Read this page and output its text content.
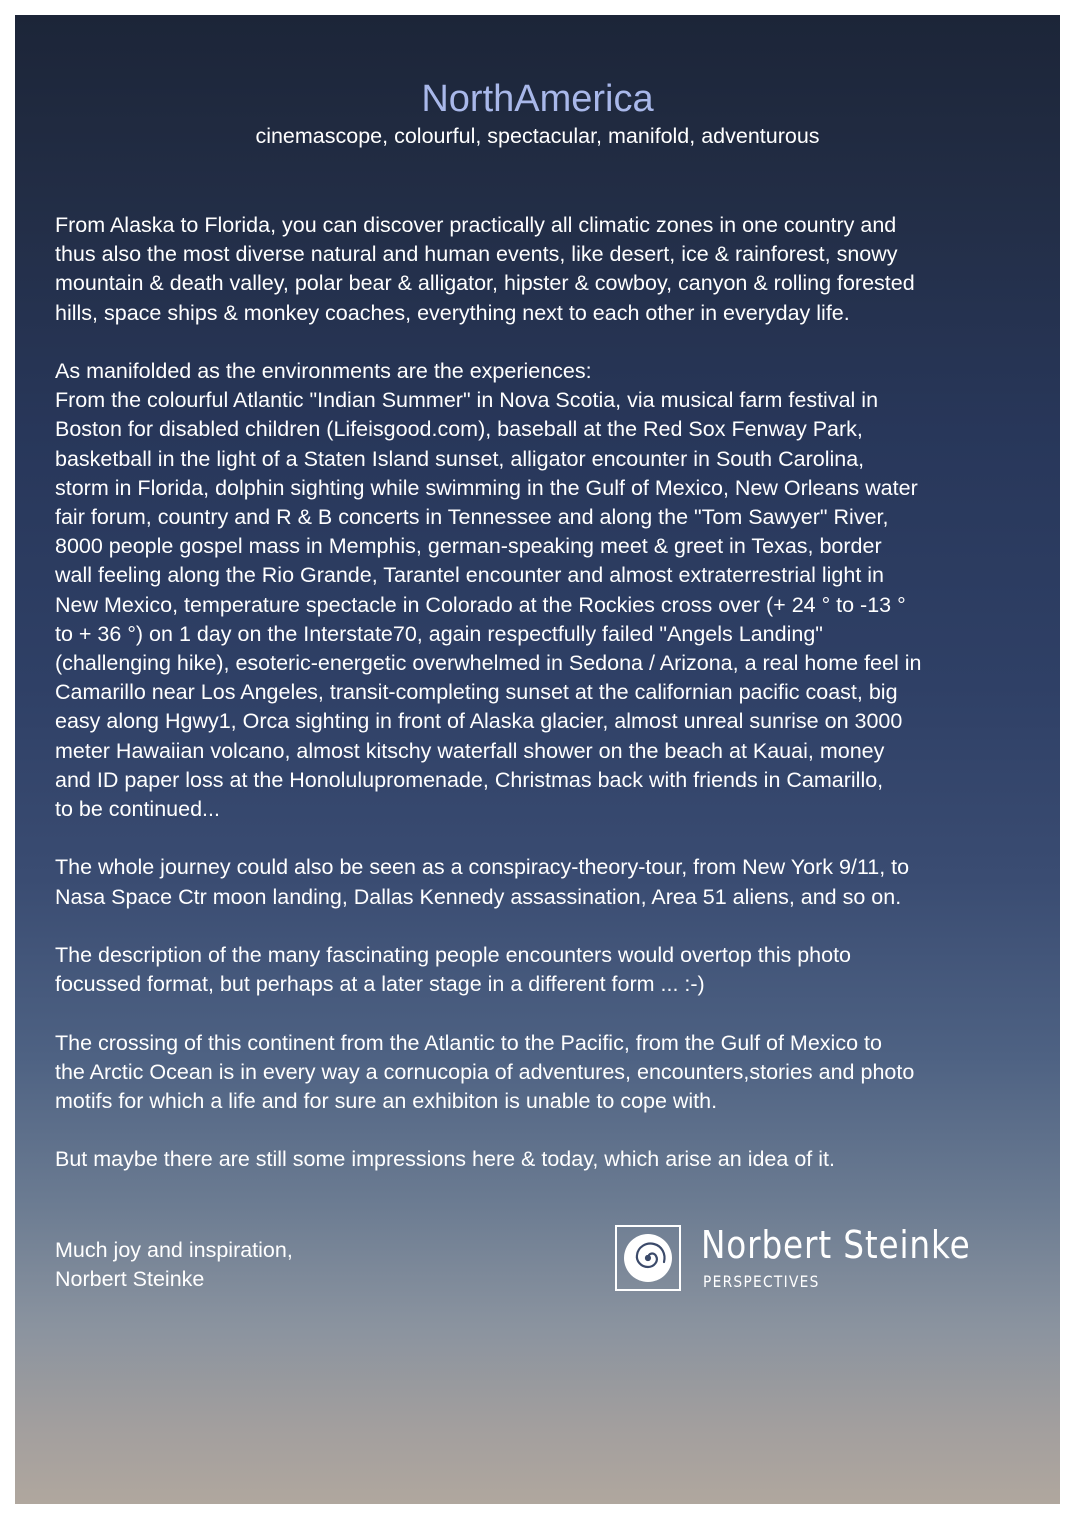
NorthAmerica
cinemascope, colourful, spectacular, manifold, adventurous
From Alaska to Florida, you can discover practically all climatic zones in one country and
thus also the most diverse natural and human events, like desert, ice & rainforest, snowy
mountain & death valley, polar bear & alligator, hipster & cowboy, canyon & rolling forested
hills, space ships & monkey coaches, everything next to each other in everyday life.
As manifolded as the environments are the experiences:
From the colourful Atlantic "Indian Summer" in Nova Scotia, via musical farm festival in
Boston for disabled children (Lifeisgood.com), baseball at the Red Sox Fenway Park,
basketball in the light of a Staten Island sunset, alligator encounter in South Carolina,
storm in Florida, dolphin sighting while swimming in the Gulf of Mexico, New Orleans water
fair forum, country and R & B concerts in Tennessee and along the "Tom Sawyer" River,
8000 people gospel mass in Memphis, german-speaking meet & greet in Texas, border
wall feeling along the Rio Grande, Tarantel encounter and almost extraterrestrial light in
New Mexico, temperature spectacle in Colorado at the Rockies cross over (+ 24 ° to -13 °
to + 36 °) on 1 day on the Interstate70, again respectfully failed "Angels Landing"
(challenging hike), esoteric-energetic overwhelmed in Sedona / Arizona, a real home feel in
Camarillo near Los Angeles, transit-completing sunset at the californian pacific coast, big
easy along Hgwy1, Orca sighting in front of Alaska glacier, almost unreal sunrise on 3000
meter Hawaiian volcano, almost kitschy waterfall shower on the beach at Kauai, money
and ID paper loss at the Honolulupromenade, Christmas back with friends in Camarillo,
to be continued...
The whole journey could also be seen as a conspiracy-theory-tour, from New York 9/11, to
Nasa Space Ctr moon landing, Dallas Kennedy assassination, Area 51 aliens, and so on.
The description of the many fascinating people encounters would overtop this photo
focussed format, but perhaps at a later stage in a different form ... :-)
The crossing of this continent from the Atlantic to the Pacific, from the Gulf of Mexico to
the Arctic Ocean is in every way a cornucopia of adventures, encounters,stories and photo
motifs for which a life and for sure an exhibiton is unable to cope with.
But maybe there are still some impressions here & today, which arise an idea of it.
Much joy and inspiration,
Norbert Steinke
Norbert Steinke
PERSPECTIVES
